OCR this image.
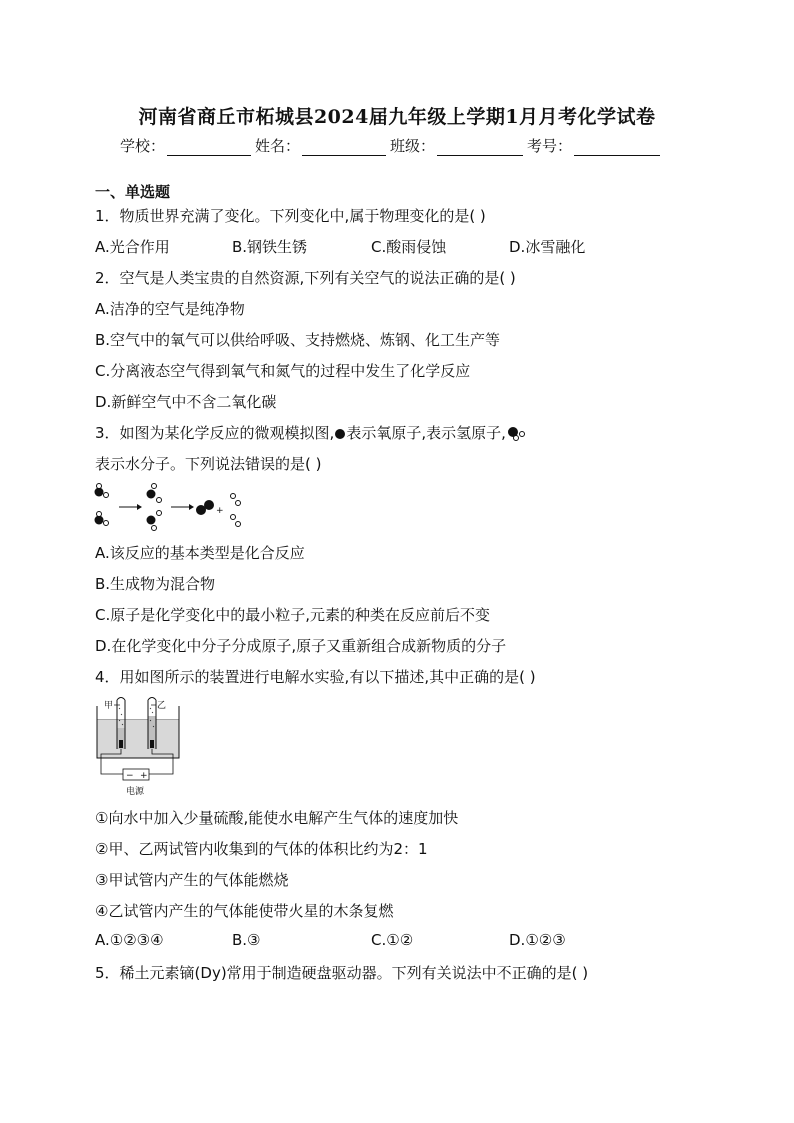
河南省商丘市柘城县2024届九年级上学期1月月考化学试卷
学校：	姓名：	班级：	考号：
一、单选题
1．物质世界充满了变化。下列变化中,属于物理变化的是( )
A.光合作用	B.钢铁生锈	C.酸雨侵蚀	D.冰雪融化
2．空气是人类宝贵的自然资源,下列有关空气的说法正确的是( )
A.洁净的空气是纯净物
B.空气中的氧气可以供给呼吸、支持燃烧、炼钢、化工生产等
C.分离液态空气得到氧气和氮气的过程中发生了化学反应
D.新鲜空气中不含二氧化碳
3．如图为某化学反应的微观模拟图, 表示氧原子,表示氢原子,
表示水分子。下列说法错误的是( )
+
A.该反应的基本类型是化合反应
B.生成物为混合物
C.原子是化学变化中的最小粒子,元素的种类在反应前后不变
D.在化学变化中分子分成原子,原子又重新组合成新物质的分子
4．用如图所示的装置进行电解水实验,有以下描述,其中正确的是( )
甲	乙
− +
电源
①向水中加入少量硫酸,能使水电解产生气体的速度加快
②甲、乙两试管内收集到的气体的体积比约为2：1
③甲试管内产生的气体能燃烧
④乙试管内产生的气体能使带火星的木条复燃
A.①②③④	B.③	C.①②	D.①②③
5．稀土元素镝(Dy)常用于制造硬盘驱动器。下列有关说法中不正确的是( )
